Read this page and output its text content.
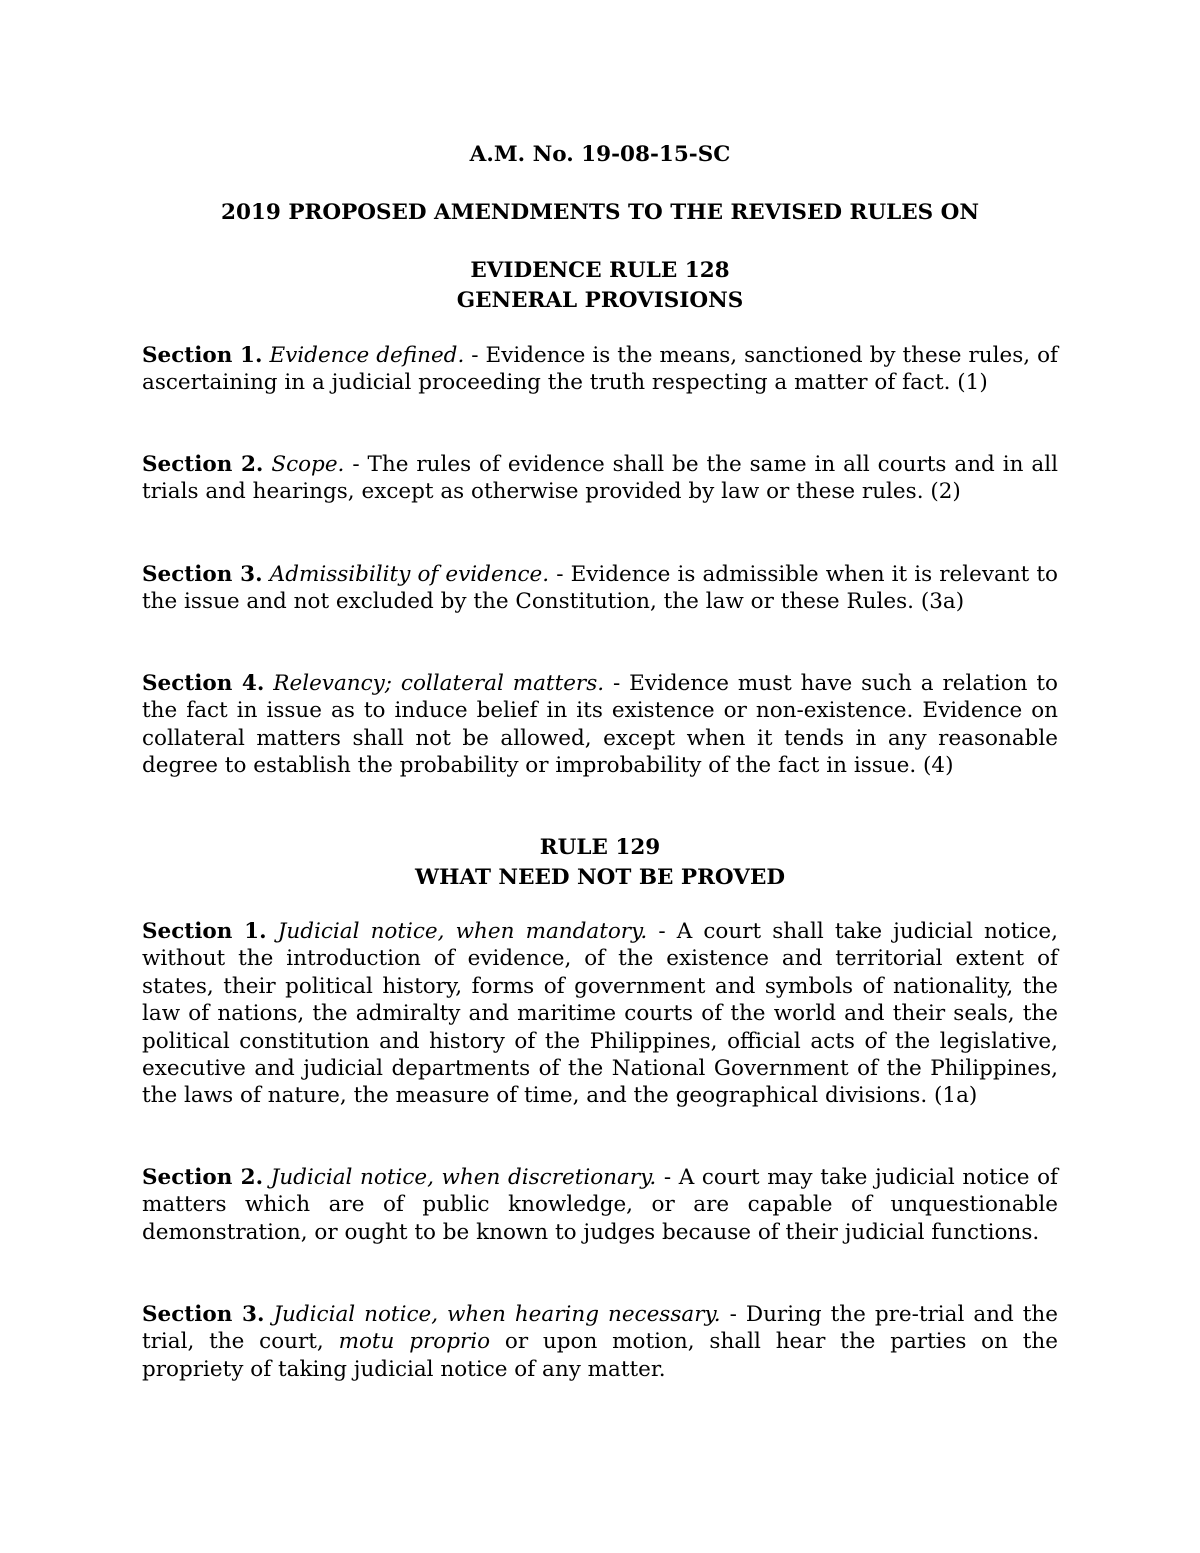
A.M. No. 19-08-15-SC

2019 PROPOSED AMENDMENTS TO THE REVISED RULES ON

EVIDENCE RULE 128

GENERAL PROVISIONS

Section 1. Evidence defined. - Evidence is the means, sanctioned by these rules, of ascertaining in a judicial proceeding the truth respecting a matter of fact. (1)

Section 2. Scope. - The rules of evidence shall be the same in all courts and in all trials and hearings, except as otherwise provided by law or these rules. (2)

Section 3. Admissibility of evidence. - Evidence is admissible when it is relevant to the issue and not excluded by the Constitution, the law or these Rules. (3a)

Section 4. Relevancy; collateral matters. - Evidence must have such a relation to the fact in issue as to induce belief in its existence or non-existence. Evidence on collateral matters shall not be allowed, except when it tends in any reasonable degree to establish the probability or improbability of the fact in issue. (4)

RULE 129

WHAT NEED NOT BE PROVED

Section 1. Judicial notice, when mandatory. - A court shall take judicial notice, without the introduction of evidence, of the existence and territorial extent of states, their political history, forms of government and symbols of nationality, the law of nations, the admiralty and maritime courts of the world and their seals, the political constitution and history of the Philippines, official acts of the legislative, executive and judicial departments of the National Government of the Philippines, the laws of nature, the measure of time, and the geographical divisions. (1a)

Section 2. Judicial notice, when discretionary. - A court may take judicial notice of matters which are of public knowledge, or are capable of unquestionable demonstration, or ought to be known to judges because of their judicial functions.

Section 3. Judicial notice, when hearing necessary. - During the pre-trial and the trial, the court, motu proprio or upon motion, shall hear the parties on the propriety of taking judicial notice of any matter.
